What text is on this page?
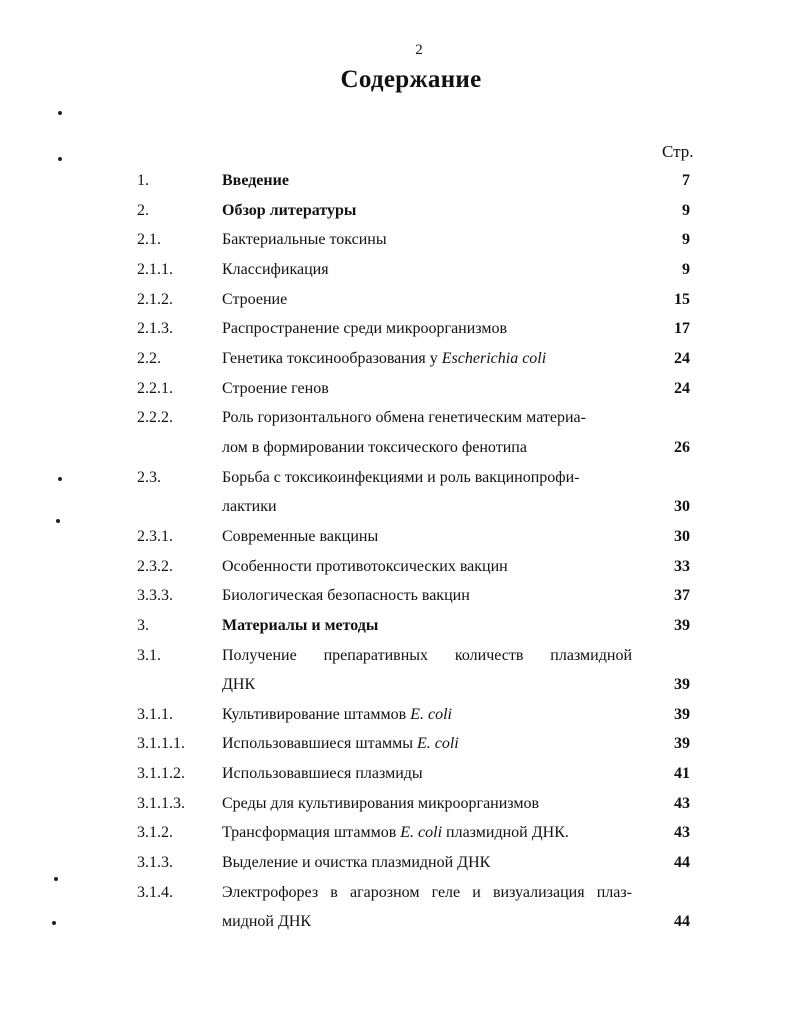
2
Содержание
Стр.
1.	Введение	7
2.	Обзор литературы	9
2.1.	Бактериальные токсины	9
2.1.1.	Классификация	9
2.1.2.	Строение	15
2.1.3.	Распространение среди микроорганизмов	17
2.2.	Генетика токсинообразования у Escherichia coli	24
2.2.1.	Строение генов	24
2.2.2.	Роль горизонтального обмена генетическим материа-
лом в формировании токсического фенотипа	26
2.3.	Борьба с токсикоинфекциями и роль вакцинопрофи-
лактики	30
2.3.1.	Современные вакцины	30
2.3.2.	Особенности противотоксических вакцин	33
3.3.3.	Биологическая безопасность вакцин	37
3.	Материалы и методы	39
3.1.	Получение препаративных количеств плазмидной
ДНК	39
3.1.1.	Культивирование штаммов E. coli	39
3.1.1.1. Использовавшиеся штаммы E. coli	39
3.1.1.2. Использовавшиеся плазмиды	41
3.1.1.3. Среды для культивирования микроорганизмов	43
3.1.2.	Трансформация штаммов E. coli плазмидной ДНК.	43
3.1.3.	Выделение и очистка плазмидной ДНК	44
3.1.4.	Электрофорез в агарозном геле и визуализация плаз-
мидной ДНК	44
